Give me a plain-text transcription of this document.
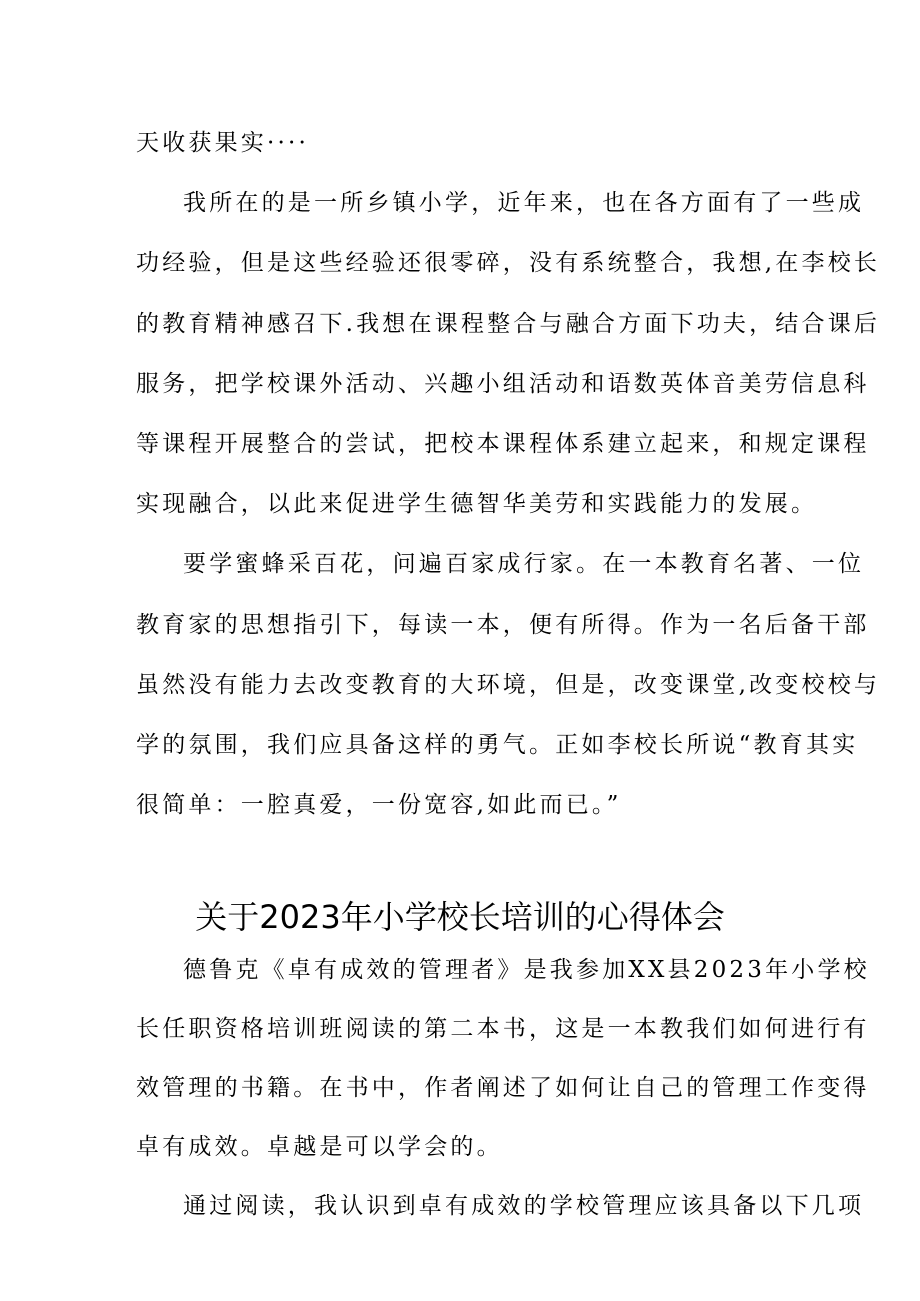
天收获果实····
我所在的是一所乡镇小学，近年来，也在各方面有了一些成
功经验，但是这些经验还很零碎，没有系统整合，我想,在李校长
的教育精神感召下.我想在课程整合与融合方面下功夫，结合课后
服务，把学校课外活动、兴趣小组活动和语数英体音美劳信息科
等课程开展整合的尝试，把校本课程体系建立起来，和规定课程
实现融合，以此来促进学生德智华美劳和实践能力的发展。
要学蜜蜂采百花，问遍百家成行家。在一本教育名著、一位
教育家的思想指引下，每读一本，便有所得。作为一名后备干部
虽然没有能力去改变教育的大环境，但是，改变课堂,改变校校与
学的氛围，我们应具备这样的勇气。正如李校长所说“教育其实
很简单：一腔真爱，一份宽容,如此而已。”
关于2023年小学校长培训的心得体会
德鲁克《卓有成效的管理者》是我参加XX县2023年小学校
长任职资格培训班阅读的第二本书，这是一本教我们如何进行有
效管理的书籍。在书中，作者阐述了如何让自己的管理工作变得
卓有成效。卓越是可以学会的。
通过阅读，我认识到卓有成效的学校管理应该具备以下几项
